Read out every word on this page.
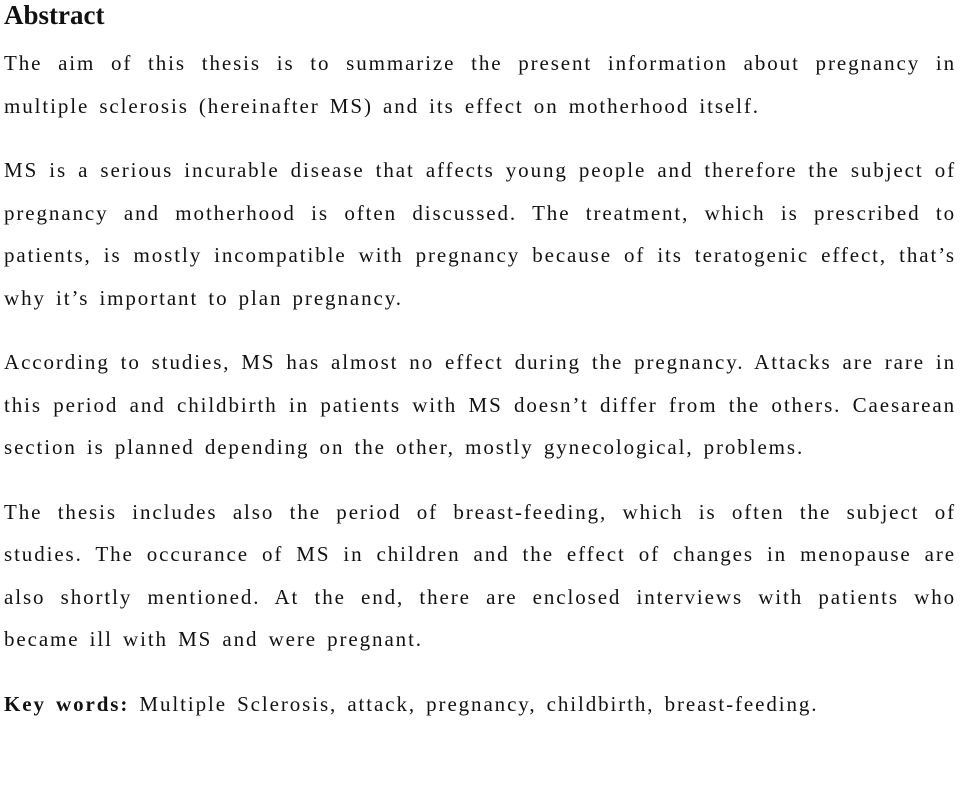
Abstract

The aim of this thesis is to summarize the present information about pregnancy in multiple sclerosis (hereinafter MS) and its effect on motherhood itself.

MS is a serious incurable disease that affects young people and therefore the subject of pregnancy and motherhood is often discussed. The treatment, which is prescribed to patients, is mostly incompatible with pregnancy because of its teratogenic effect, that’s why it’s important to plan pregnancy.

According to studies, MS has almost no effect during the pregnancy. Attacks are rare in this period and childbirth in patients with MS doesn’t differ from the others. Caesarean section is planned depending on the other, mostly gynecological, problems.

The thesis includes also the period of breast-feeding, which is often the subject of studies. The occurance of MS in children and the effect of changes in menopause are also shortly mentioned. At the end, there are enclosed interviews with patients who became ill with MS and were pregnant.

Key words: Multiple Sclerosis, attack, pregnancy, childbirth, breast-feeding.
